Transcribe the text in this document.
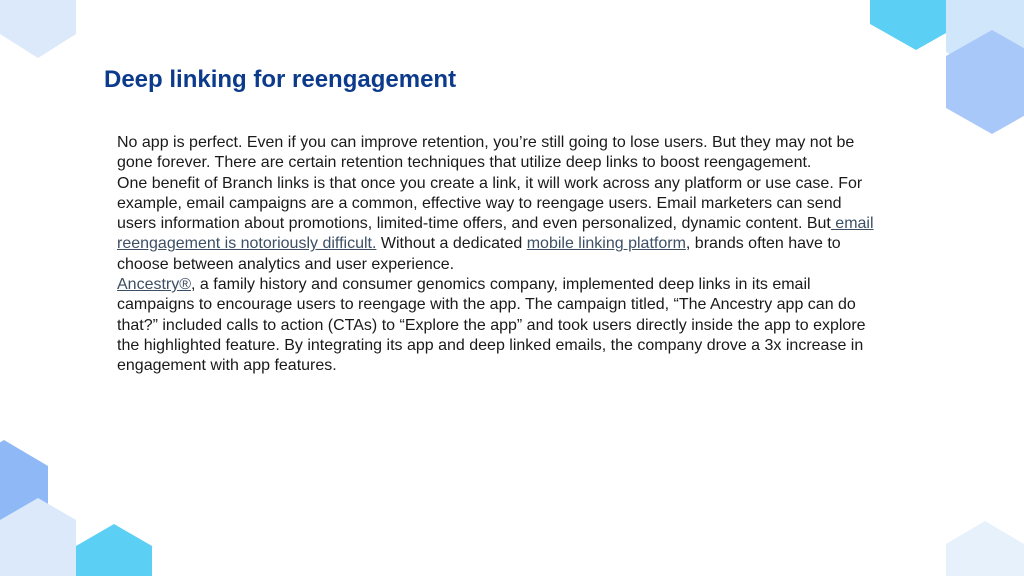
Deep linking for reengagement

No app is perfect. Even if you can improve retention, you’re still going to lose users. But they may not be gone forever. There are certain retention techniques that utilize deep links to boost reengagement.

One benefit of Branch links is that once you create a link, it will work across any platform or use case. For example, email campaigns are a common, effective way to reengage users. Email marketers can send users information about promotions, limited-time offers, and even personalized, dynamic content. But email reengagement is notoriously difficult. Without a dedicated mobile linking platform, brands often have to choose between analytics and user experience.

Ancestry®, a family history and consumer genomics company, implemented deep links in its email campaigns to encourage users to reengage with the app. The campaign titled, “The Ancestry app can do that?” included calls to action (CTAs) to “Explore the app” and took users directly inside the app to explore the highlighted feature. By integrating its app and deep linked emails, the company drove a 3x increase in engagement with app features.
